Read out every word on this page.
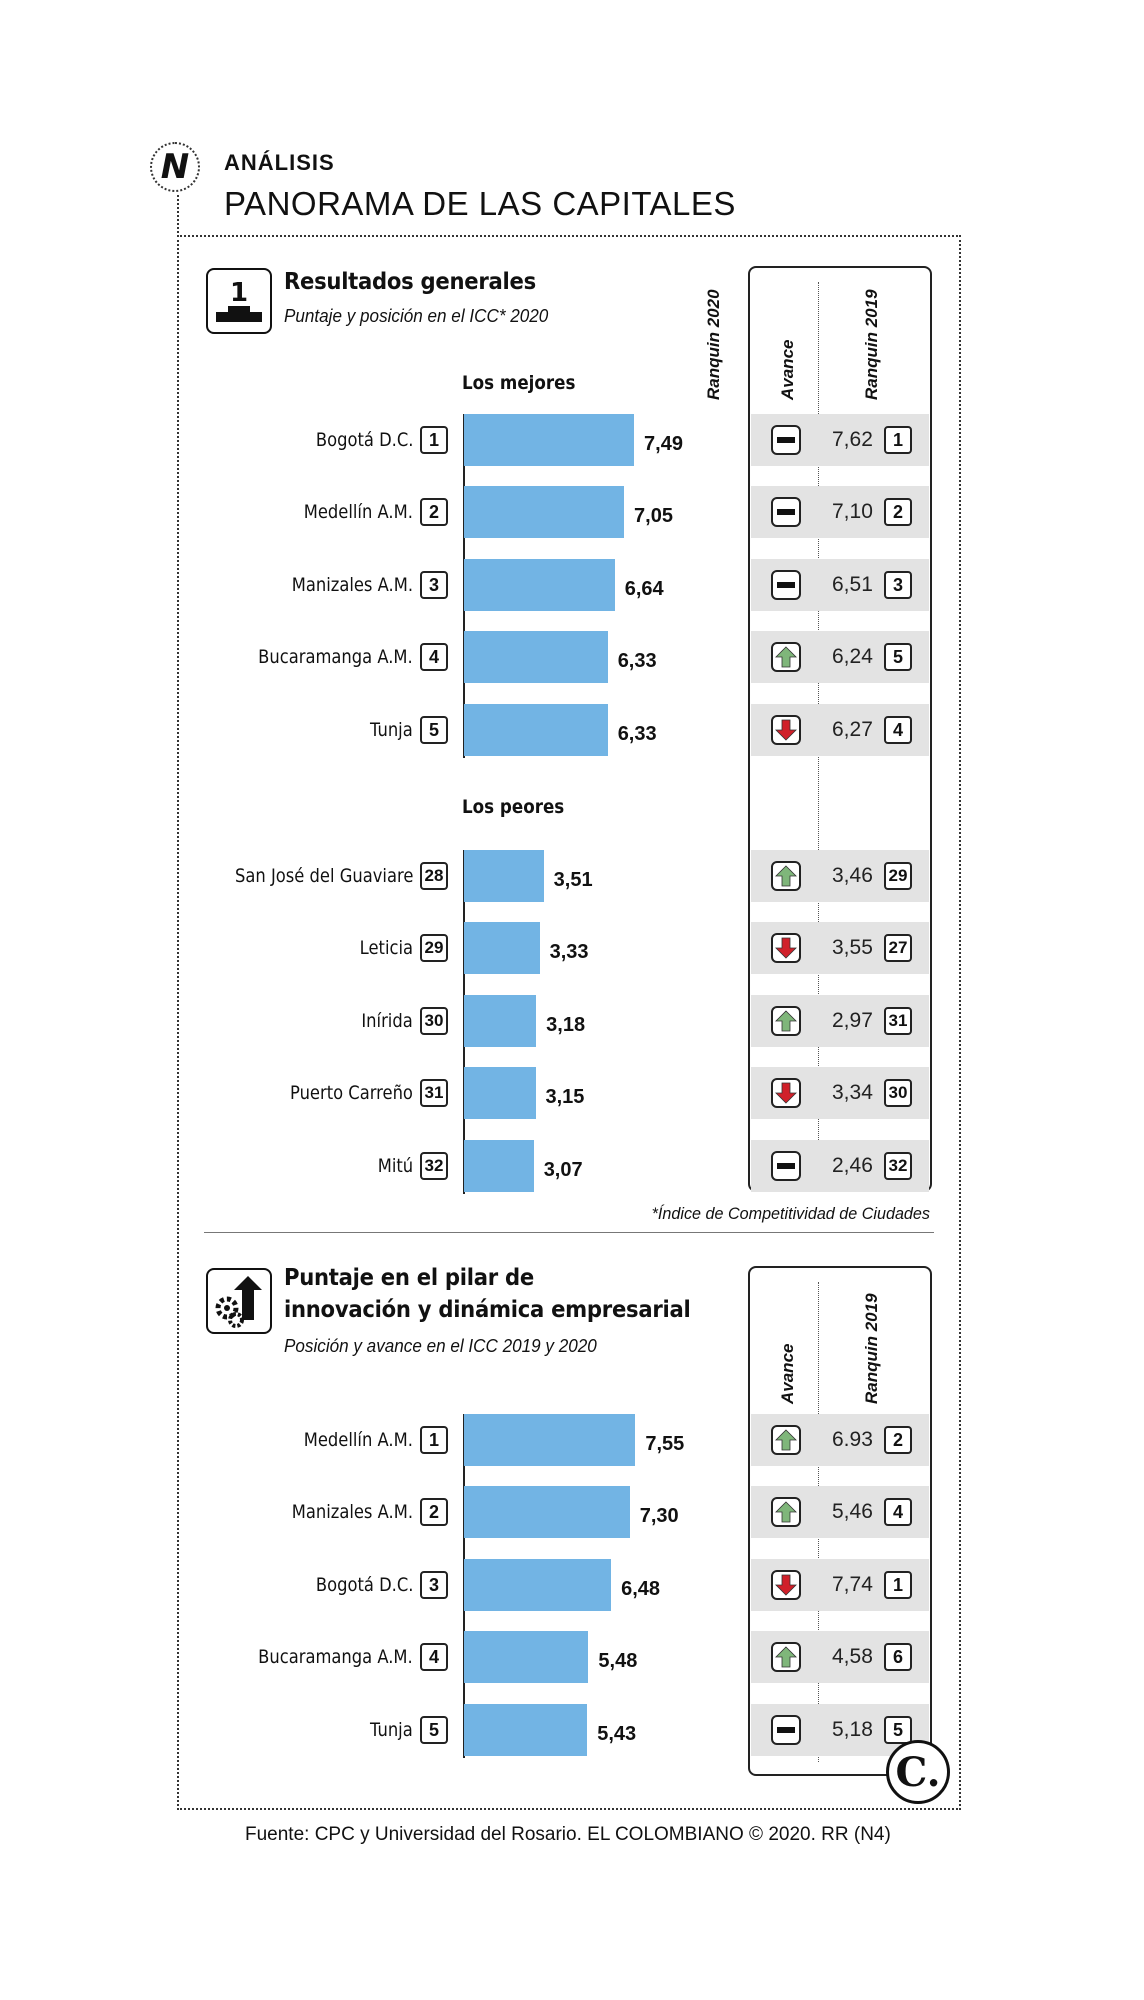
N ANÁLISIS
PANORAMA DE LAS CAPITALES
1 Resultados generales
Puntaje y posición en el ICC* 2020	Ranquin 2020	Avance	Ranquin 2019
Los mejores
Los peores
Bogotá D.C. 1	7,49	7,62	1
Medellín A.M. 2	7,05	7,10	2
Manizales A.M. 3	6,64	6,51	3
Bucaramanga A.M. 4	6,33	6,24	5
Tunja 5	6,33	6,27	4
San José del Guaviare 28	3,51	3,46 29
Leticia 29	3,33	3,55 27
Inírida 30	3,18	2,97 31
Puerto Carreño 31	3,15	3,34 30
Mitú 32	3,07	2,46 32
*Índice de Competitividad de Ciudades
Puntaje en el pilar de
innovación y dinámica empresarial
Posición y avance en el ICC 2019 y 2020	Avance	Ranquin 2019
Medellín A.M. 1	7,55	6.93	2
Manizales A.M. 2	7,30	5,46	4
Bogotá D.C. 3	6,48	7,74	1
Bucaramanga A.M. 4	5,48	4,58	6
Tunja 5	5,43	5,18	5
C.
Fuente: CPC y Universidad del Rosario. EL COLOMBIANO © 2020. RR (N4)
